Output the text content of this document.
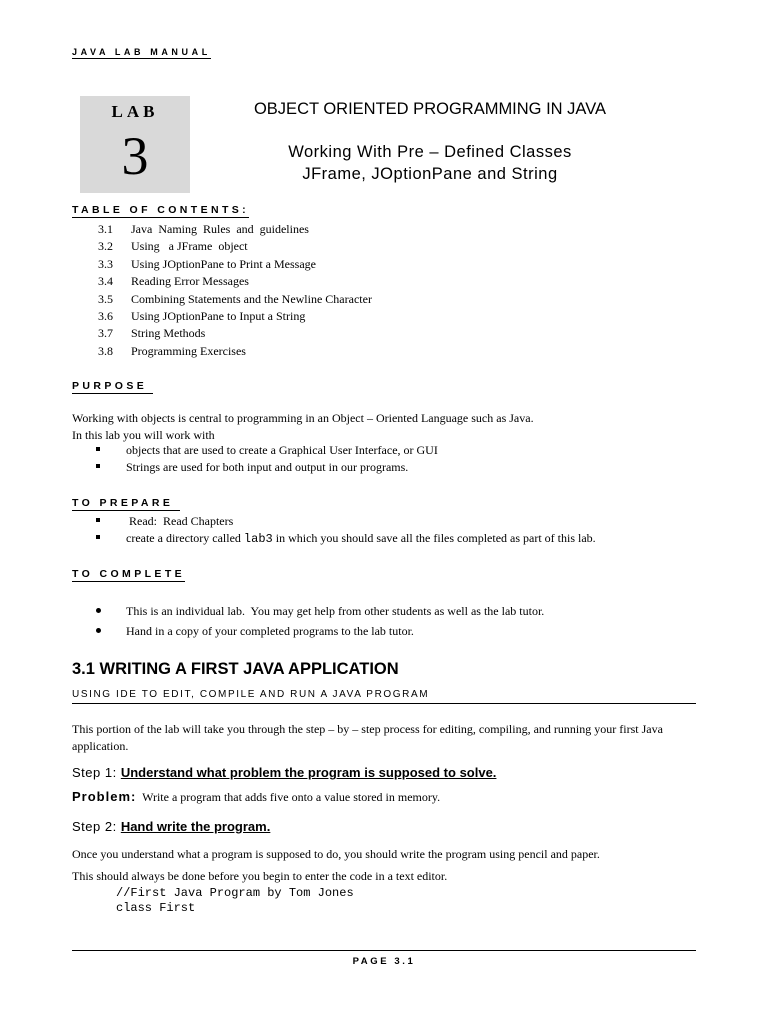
JAVA LAB MANUAL
LAB
3
OBJECT ORIENTED PROGRAMMING IN JAVA
Working With Pre – Defined Classes
JFrame, JOptionPane and String
TABLE OF CONTENTS:
3.1	Java  Naming  Rules  and  guidelines
3.2	Using   a JFrame  object
3.3	Using JOptionPane to Print a Message
3.4	Reading Error Messages
3.5	Combining Statements and the Newline Character
3.6	Using JOptionPane to Input a String
3.7	String Methods
3.8	Programming Exercises
PURPOSE
Working with objects is central to programming in an Object – Oriented Language such as Java.
In this lab you will work with
objects that are used to create a Graphical User Interface, or GUI
Strings are used for both input and output in our programs.
TO PREPARE
Read:  Read Chapters
create a directory called lab3 in which you should save all the files completed as part of this lab.
TO COMPLETE
This is an individual lab.  You may get help from other students as well as the lab tutor.
Hand in a copy of your completed programs to the lab tutor.
3.1 WRITING A FIRST JAVA APPLICATION
USING IDE TO EDIT, COMPILE AND RUN A JAVA PROGRAM
This portion of the lab will take you through the step – by – step process for editing, compiling, and running your first Java
application.
Step 1: Understand what problem the program is supposed to solve.
Problem:  Write a program that adds five onto a value stored in memory.
Step 2: Hand write the program.
Once you understand what a program is supposed to do, you should write the program using pencil and paper.
This should always be done before you begin to enter the code in a text editor.
//First Java Program by Tom Jones
class First
PAGE 3.1
